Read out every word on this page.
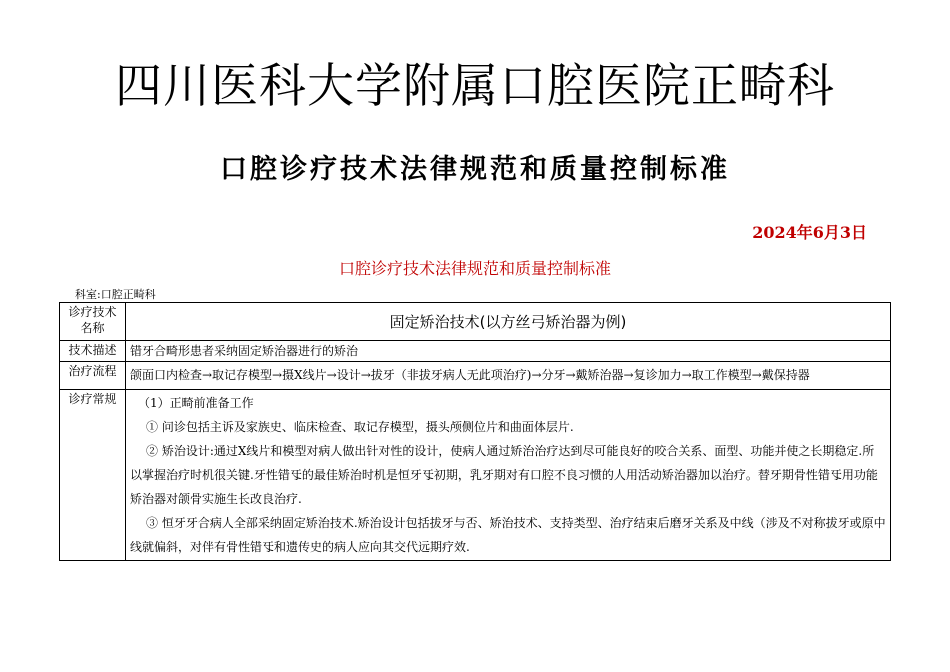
四川医科大学附属口腔医院正畸科
口腔诊疗技术法律规范和质量控制标准
2024年6月3日
口腔诊疗技术法律规范和质量控制标准
科室:口腔正畸科
诊疗技术名称	固定矫治技术(以方丝弓矫治器为例)
技术描述	错牙合畸形患者采纳固定矫治器进行的矫治
治疗流程	颌面口内检查→取记存模型→摄X线片→设计→拔牙（非拔牙病人无此项治疗)→分牙→戴矫治器→复诊加力→取工作模型→戴保持器
诊疗常规	（1）正畸前准备工作

① 问诊包括主诉及家族史、临床检查、取记存模型，摄头颅侧位片和曲面体层片.

② 矫治设计:通过X线片和模型对病人做出针对性的设计，使病人通过矫治治疗达到尽可能良好的咬合关系、面型、功能并使之长期稳定.所以掌握治疗时机很关键.牙性错㸦的最佳矫治时机是恒牙㸦初期，乳牙期对有口腔不良习惯的人用活动矫治器加以治疗。替牙期骨性错㸦用功能矫治器对颌骨实施生长改良治疗.

③ 恒牙牙合病人全部采纳固定矫治技术.矫治设计包括拔牙与否、矫治技术、支持类型、治疗结束后磨牙关系及中线（涉及不对称拔牙或原中线就偏斜，对伴有骨性错㸦和遗传史的病人应向其交代远期疗效.
